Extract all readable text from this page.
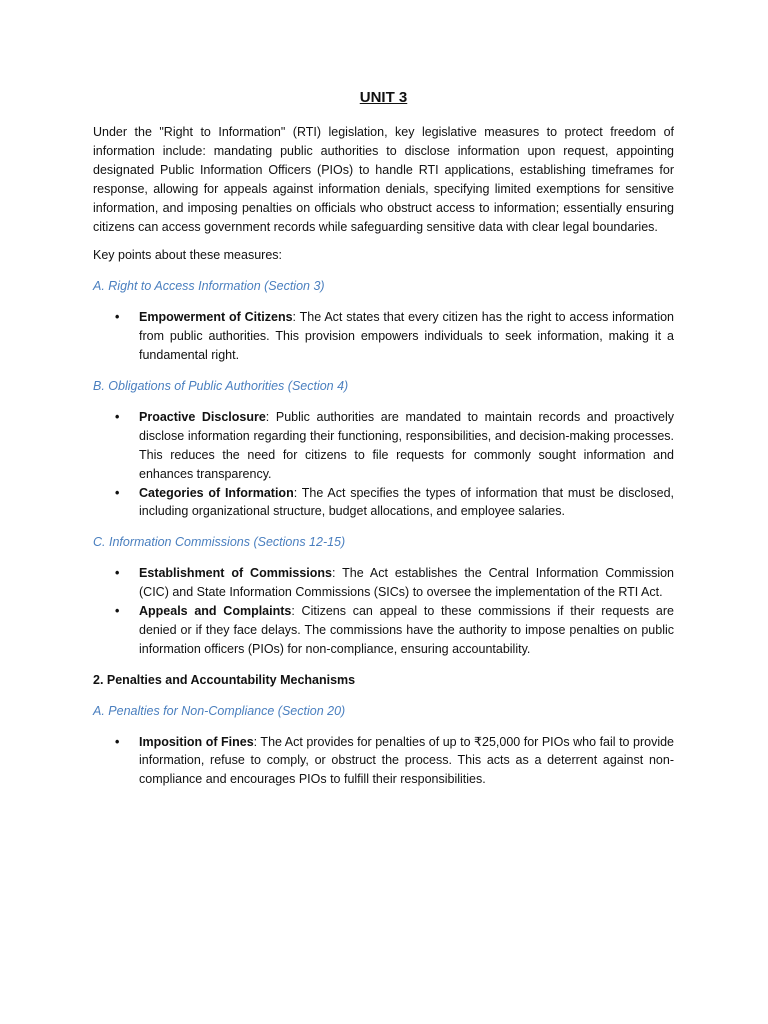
UNIT 3

Under the "Right to Information" (RTI) legislation, key legislative measures to protect freedom of information include: mandating public authorities to disclose information upon request, appointing designated Public Information Officers (PIOs) to handle RTI applications, establishing timeframes for response, allowing for appeals against information denials, specifying limited exemptions for sensitive information, and imposing penalties on officials who obstruct access to information; essentially ensuring citizens can access government records while safeguarding sensitive data with clear legal boundaries.

Key points about these measures:

A. Right to Access Information (Section 3)
• Empowerment of Citizens: The Act states that every citizen has the right to access information from public authorities. This provision empowers individuals to seek information, making it a fundamental right.
B. Obligations of Public Authorities (Section 4)
• Proactive Disclosure: Public authorities are mandated to maintain records and proactively disclose information regarding their functioning, responsibilities, and decision-making processes. This reduces the need for citizens to file requests for commonly sought information and enhances transparency.
• Categories of Information: The Act specifies the types of information that must be disclosed, including organizational structure, budget allocations, and employee salaries.
C. Information Commissions (Sections 12-15)
• Establishment of Commissions: The Act establishes the Central Information Commission (CIC) and State Information Commissions (SICs) to oversee the implementation of the RTI Act.
• Appeals and Complaints: Citizens can appeal to these commissions if their requests are denied or if they face delays. The commissions have the authority to impose penalties on public information officers (PIOs) for non-compliance, ensuring accountability.
2. Penalties and Accountability Mechanisms
A. Penalties for Non-Compliance (Section 20)
• Imposition of Fines: The Act provides for penalties of up to ₹25,000 for PIOs who fail to provide information, refuse to comply, or obstruct the process. This acts as a deterrent against non-compliance and encourages PIOs to fulfill their responsibilities.
